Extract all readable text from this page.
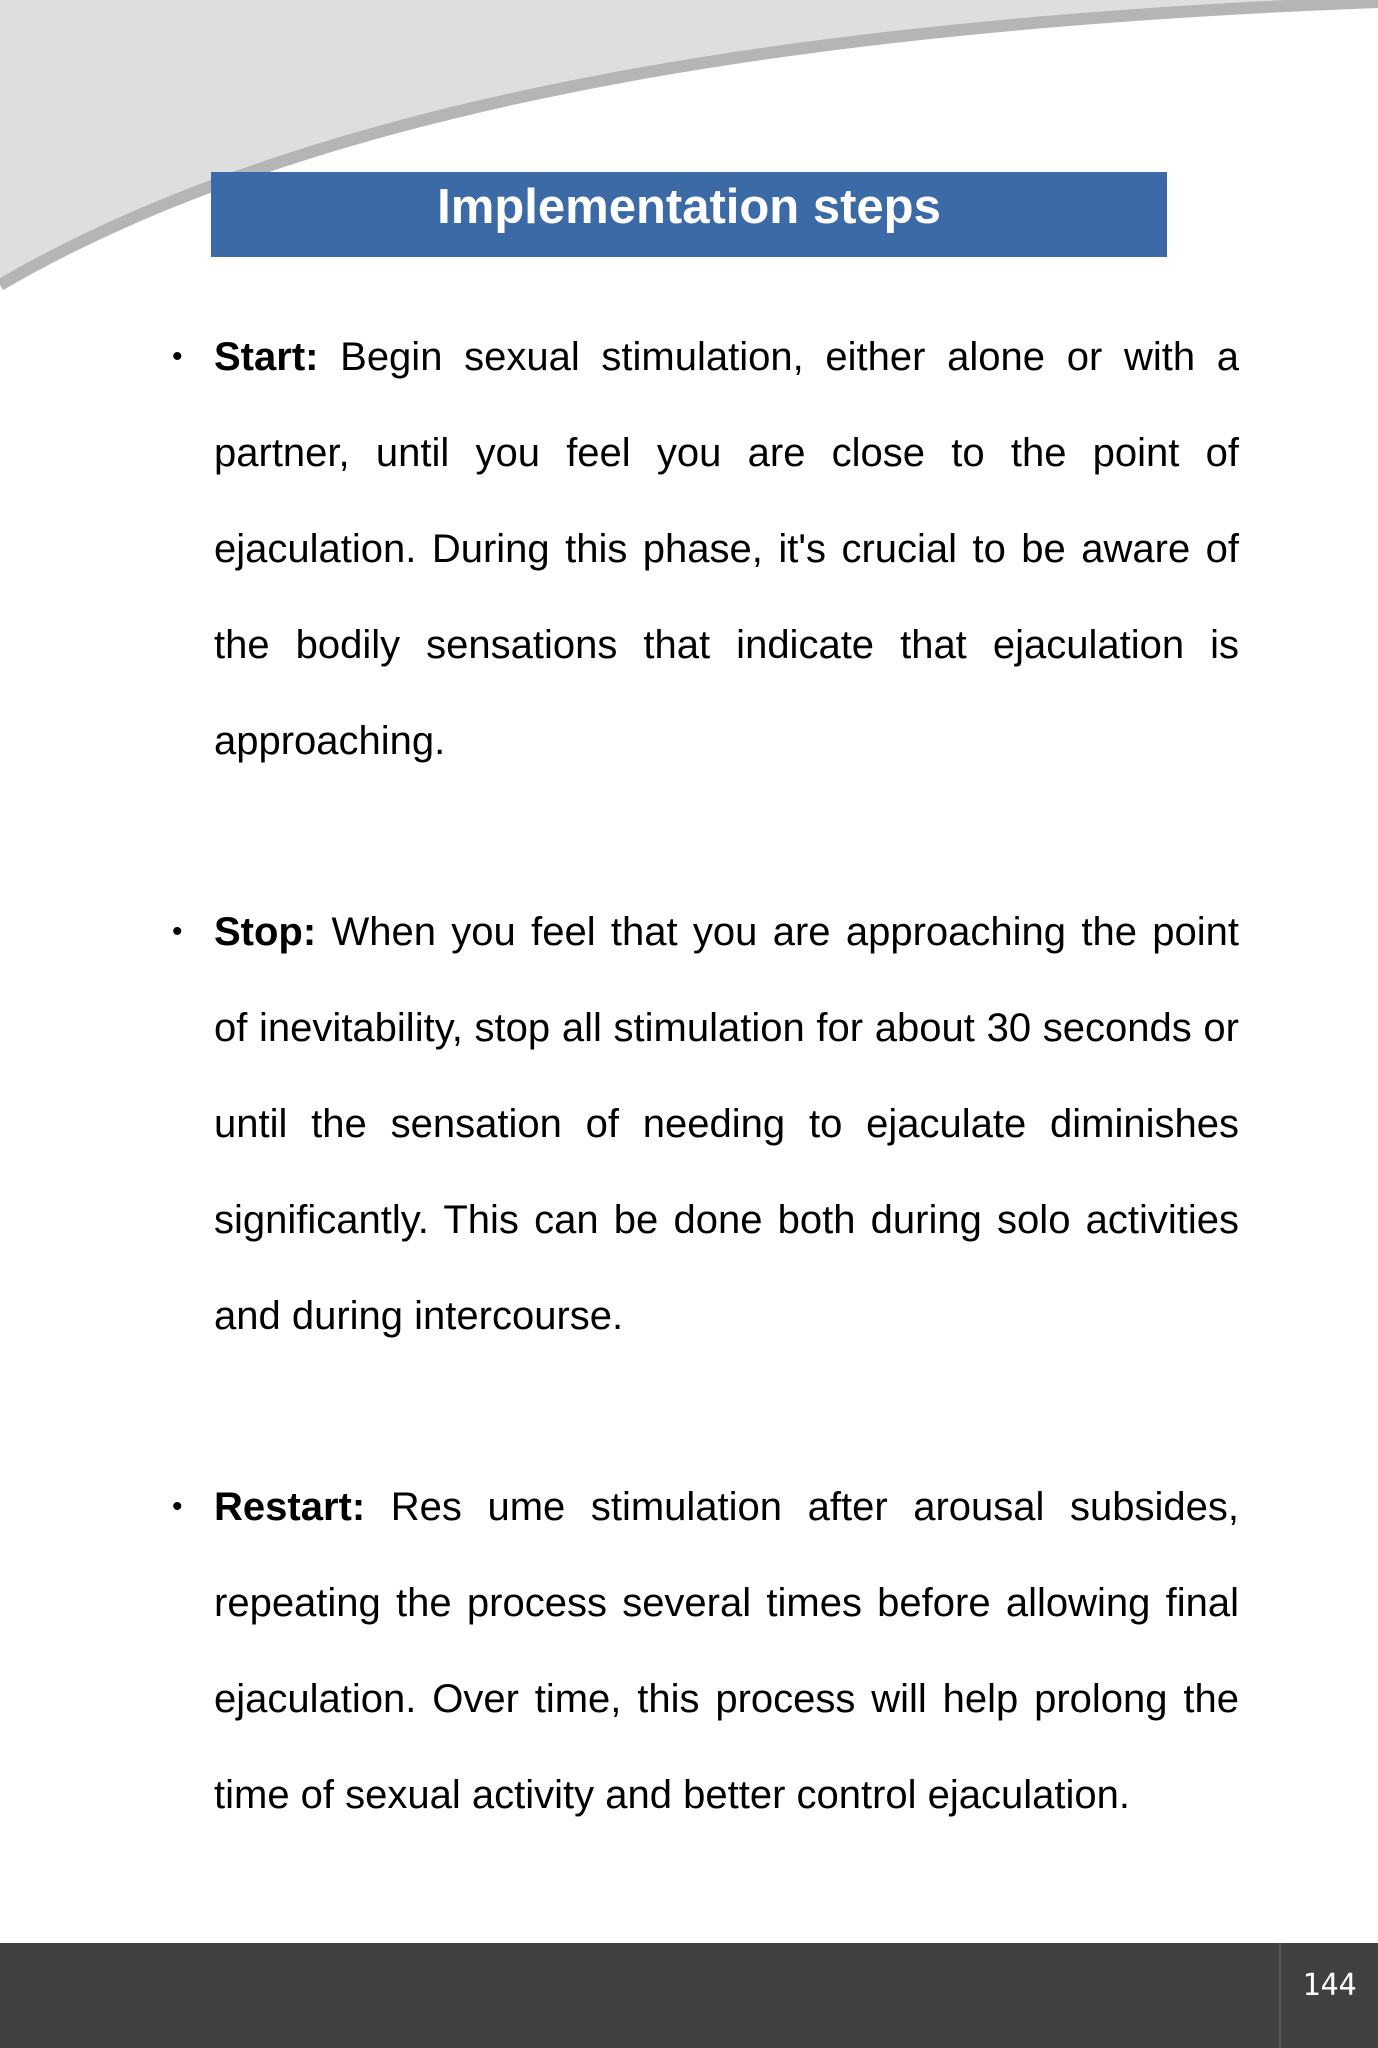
Implementation steps
• Start: Begin sexual stimulation, either alone or with a partner, until you feel you are close to the point of ejaculation. During this phase, it's crucial to be aware of the bodily sensations that indicate that ejaculation is approaching.
• Stop: When you feel that you are approaching the point of inevitability, stop all stimulation for about 30 seconds or until the sensation of needing to ejaculate diminishes significantly. This can be done both during solo activities and during intercourse.
• Restart: Res ume stimulation after arousal subsides, repeating the process several times before allowing final ejaculation. Over time, this process will help prolong the time of sexual activity and better control ejaculation.
144
